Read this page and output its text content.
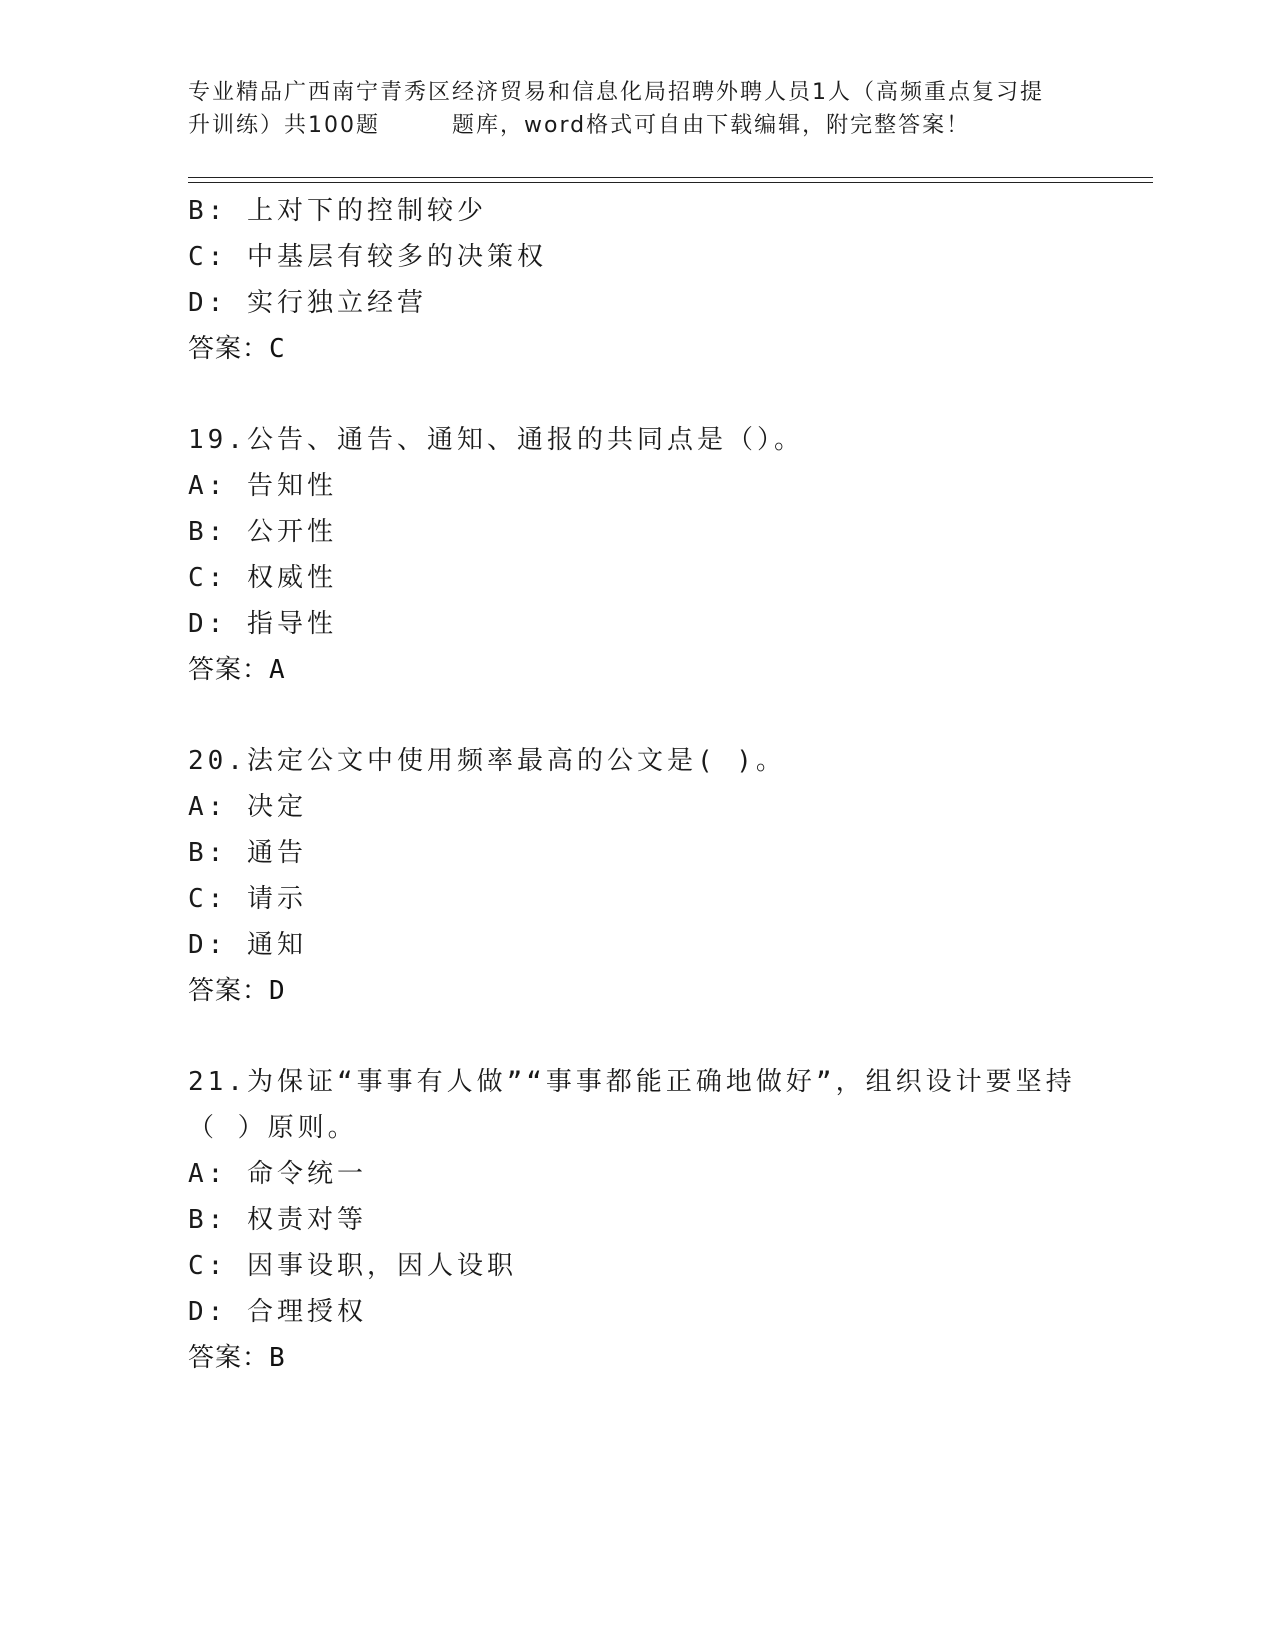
专业精品广西南宁青秀区经济贸易和信息化局招聘外聘人员1人（高频重点复习提
升训练）共100题	题库，word格式可自由下载编辑，附完整答案！
B: 上对下的控制较少
C: 中基层有较多的决策权
D: 实行独立经营
答案：C
19.公告、通告、通知、通报的共同点是（）。
A: 告知性
B: 公开性
C: 权威性
D: 指导性
答案：A
20.法定公文中使用频率最高的公文是( )。
A: 决定
B: 通告
C: 请示
D: 通知
答案：D
21.为保证“事事有人做”“事事都能正确地做好”，组织设计要坚持
（ ）原则。
A: 命令统一
B: 权责对等
C: 因事设职，因人设职
D: 合理授权
答案：B
